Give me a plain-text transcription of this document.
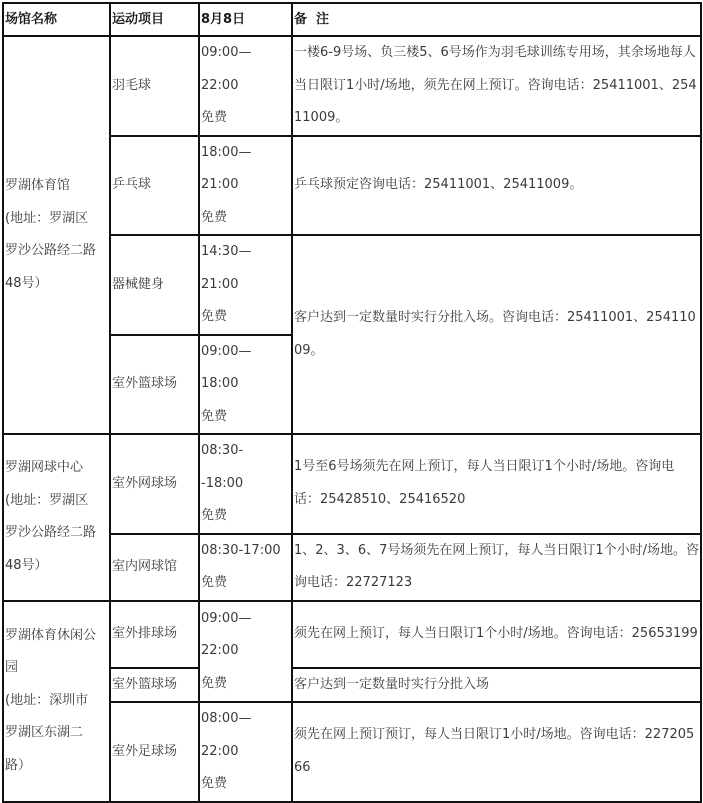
场馆名称	运动项目	8月8日	备  注

罗湖体育馆
(地址：罗湖区
罗沙公路经二路
48号）	羽毛球	09:00—
22:00
免费	一楼6-9号场、负三楼5、6号场作为羽毛球训练专用场，其余场地每人当日限订1小时/场地，须先在网上预订。咨询电话：25411001、25411009。
	乒乓球	18:00—
21:00
免费	乒乓球预定咨询电话：25411001、25411009。
	器械健身	14:30—
21:00
免费	客户达到一定数量时实行分批入场。咨询电话：25411001、25411009。
	室外篮球场	09:00—
18:00
免费	

罗湖网球中心
(地址：罗湖区
罗沙公路经二路
48号）	室外网球场	08:30-
-18:00
免费	1号至6号场须先在网上预订，每人当日限订1个小时/场地。咨询电话：25428510、25416520
	室内网球馆	08:30-17:00
免费	1、2、3、6、7号场须先在网上预订，每人当日限订1个小时/场地。咨询电话：22727123

罗湖体育休闲公园
(地址：深圳市
罗湖区东湖二
路）	室外排球场	09:00—
22:00
免费	须先在网上预订，每人当日限订1个小时/场地。咨询电话：25653199
	室外篮球场		客户达到一定数量时实行分批入场
	室外足球场	08:00—
22:00
免费	须先在网上预订预订，每人当日限订1小时/场地。咨询电话：22720566
